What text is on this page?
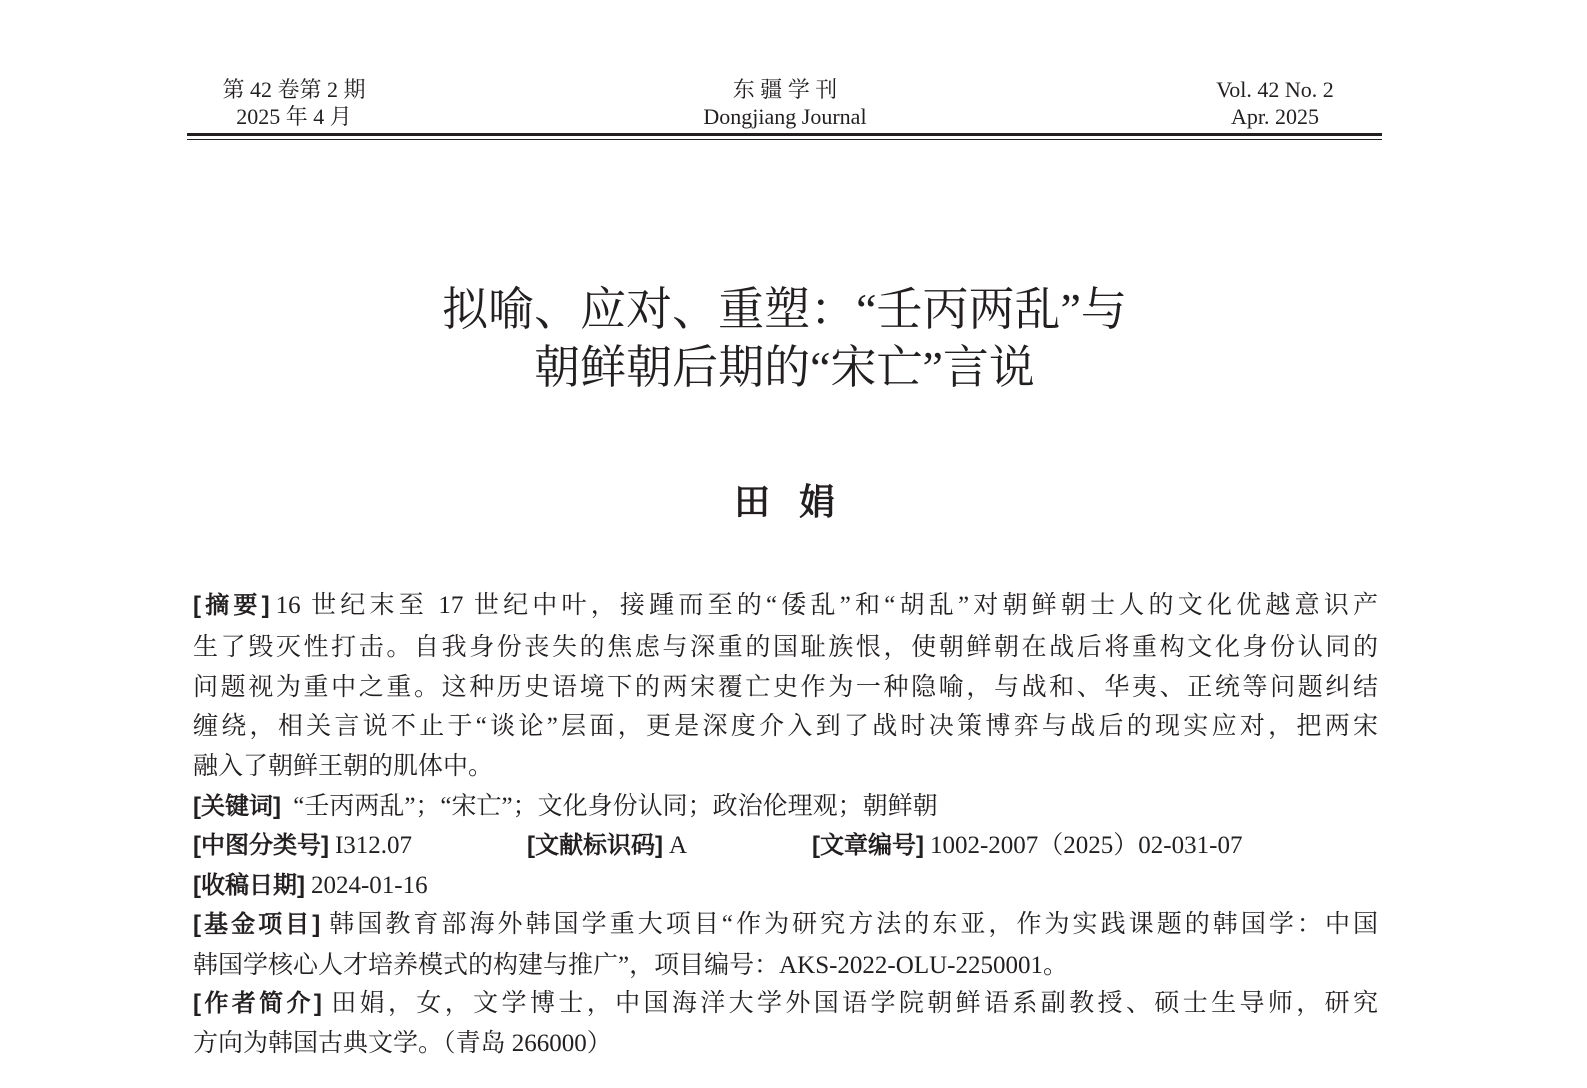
第 42 卷第 2 期
2025 年 4 月
东 疆 学 刊
Dongjiang Journal
Vol. 42 No. 2
Apr. 2025
拟喻、应对、重塑：“壬丙两乱”与
朝鲜朝后期的“宋亡”言说
田 娟
[摘要] 16 世纪末至 17 世纪中叶，接踵而至的“倭乱”和“胡乱”对朝鲜朝士人的文化优越意识产
生了毁灭性打击。自我身份丧失的焦虑与深重的国耻族恨，使朝鲜朝在战后将重构文化身份认同的
问题视为重中之重。这种历史语境下的两宋覆亡史作为一种隐喻，与战和、华夷、正统等问题纠结
缠绕，相关言说不止于“谈论”层面，更是深度介入到了战时决策博弈与战后的现实应对，把两宋
融入了朝鲜王朝的肌体中。
[关键词] “壬丙两乱”；“宋亡”；文化身份认同；政治伦理观；朝鲜朝
[中图分类号] I312.07	[文献标识码] A	[文章编号] 1002-2007（2025）02-031-07
[收稿日期] 2024-01-16
[基金项目] 韩国教育部海外韩国学重大项目“作为研究方法的东亚，作为实践课题的韩国学：中国
韩国学核心人才培养模式的构建与推广”，项目编号：AKS-2022-OLU-2250001。
[作者简介] 田娟，女，文学博士，中国海洋大学外国语学院朝鲜语系副教授、硕士生导师，研究
方向为韩国古典文学。（青岛 266000）
